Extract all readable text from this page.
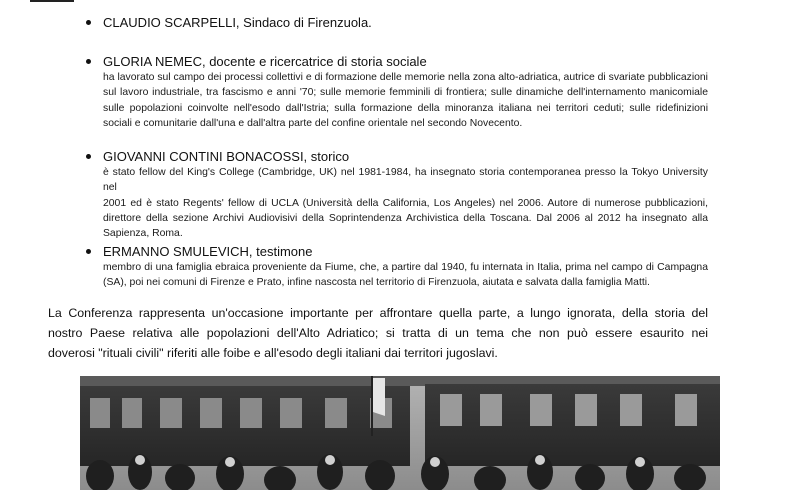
CLAUDIO SCARPELLI, Sindaco di Firenzuola.
GLORIA NEMEC, docente e ricercatrice di storia sociale

ha lavorato sul campo dei processi collettivi e di formazione delle memorie nella zona alto-adriatica, autrice di svariate pubblicazioni

sul lavoro industriale, tra fascismo e anni '70; sulle memorie femminili di frontiera; sulle dinamiche dell'internamento manicomiale

sulle popolazioni coinvolte nell'esodo dall'Istria; sulla formazione della minoranza italiana nei territori ceduti; sulle ridefinizioni

sociali e comunitarie dall'una e dall'altra parte del confine orientale nel secondo Novecento.

GIOVANNI CONTINI BONACOSSI, storico

è stato fellow del King's College (Cambridge, UK) nel 1981-1984, ha insegnato storia contemporanea presso la Tokyo University nel

2001 ed è stato Regents' fellow di UCLA (Università della California, Los Angeles) nel 2006. Autore di numerose pubblicazioni,

direttore della sezione Archivi Audiovisivi della Soprintendenza Archivistica della Toscana. Dal 2006 al 2012 ha insegnato alla

Sapienza, Roma.

ERMANNO SMULEVICH, testimone

membro di una famiglia ebraica proveniente da Fiume, che, a partire dal 1940, fu internata in Italia, prima nel campo di Campagna

(SA), poi nei comuni di Firenze e Prato, infine nascosta nel territorio di Firenzuola, aiutata e salvata dalla famiglia Matti.

La Conferenza rappresenta un'occasione importante per affrontare quella parte, a lungo ignorata, della storia del

nostro Paese relativa alle popolazioni dell'Alto Adriatico; si tratta di un tema che non può essere esaurito nei

doverosi "rituali civili" riferiti alle foibe e all'esodo degli italiani dai territori jugoslavi.
